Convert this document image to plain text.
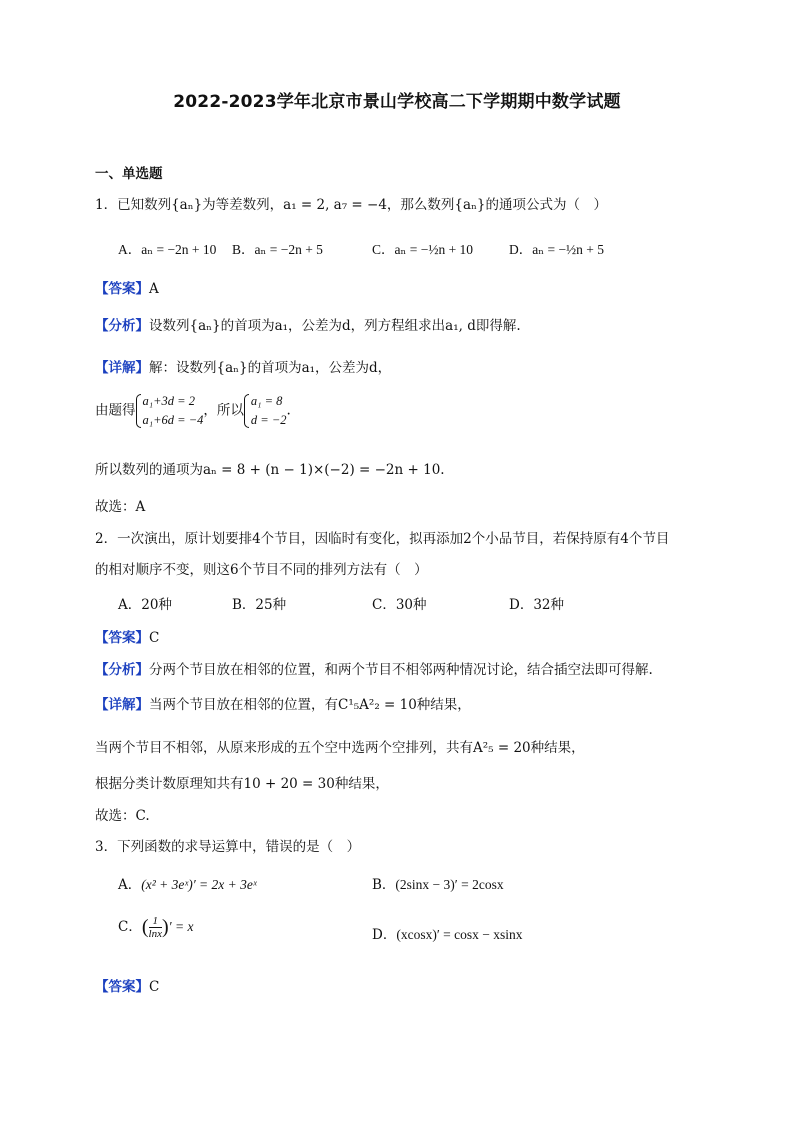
2022-2023学年北京市景山学校高二下学期期中数学试题
一、单选题
1．已知数列{aₙ}为等差数列，a₁ = 2, a₇ = −4，那么数列{aₙ}的通项公式为（　）
A．aₙ = −2n + 10 B．aₙ = −2n + 5	C．aₙ = −½n + 10	D．aₙ = −½n + 5
【答案】A
【分析】设数列{aₙ}的首项为a₁，公差为d，列方程组求出a₁, d即得解.
【详解】解：设数列{aₙ}的首项为a₁，公差为d，
由题得
a₁+3d = 2
a₁+6d = −4
，所以
a₁ = 8
d = −2
.
所以数列的通项为aₙ = 8 + (n − 1)×(−2) = −2n + 10.
故选：A
2．一次演出，原计划要排4个节目，因临时有变化，拟再添加2个小品节目，若保持原有4个节目
的相对顺序不变，则这6个节目不同的排列方法有（　）
A．20种	B．25种	C．30种	D．32种
【答案】C
【分析】分两个节目放在相邻的位置，和两个节目不相邻两种情况讨论，结合插空法即可得解.
【详解】当两个节目放在相邻的位置，有C¹₅A²₂ = 10种结果，
当两个节目不相邻，从原来形成的五个空中选两个空排列，共有A²₅ = 20种结果，
根据分类计数原理知共有10 + 20 = 30种结果，
故选：C.
3．下列函数的求导运算中，错误的是（　）
A．(x² + 3eˣ)′ = 2x + 3eˣ	B．(2sinx − 3)′ = 2cosx
C．( $\frac{1}{\ln x}$ )′ = x
D．(xcosx)′ = cosx − xsinx
【答案】C
